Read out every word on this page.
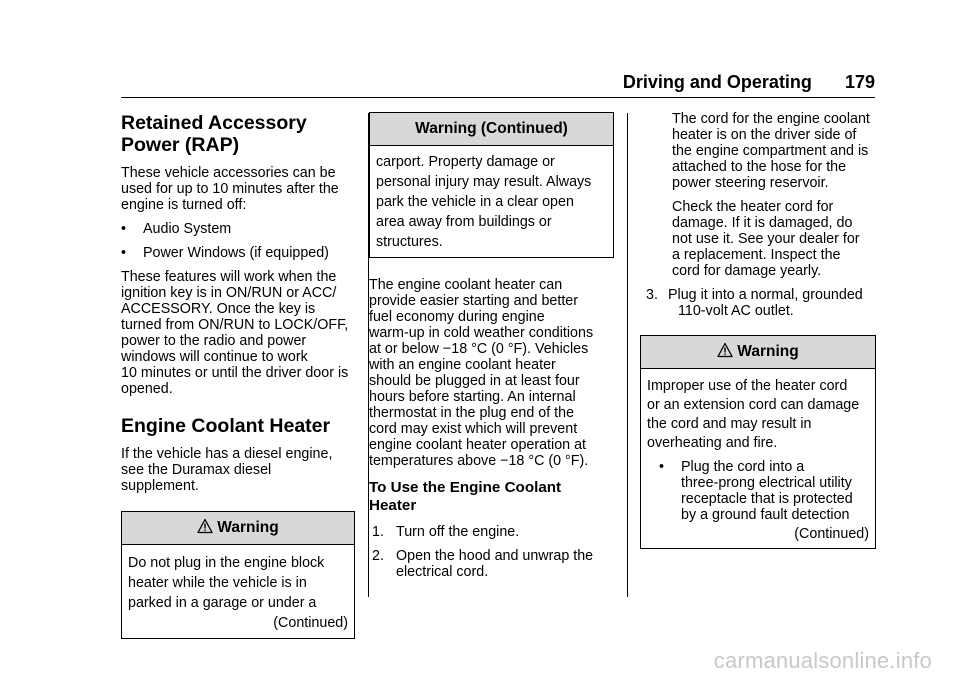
Driving and Operating 179
Retained Accessory
Power (RAP)

These vehicle accessories can be
used for up to 10 minutes after the
engine is turned off:

•	Audio System
•	Power Windows (if equipped)

These features will work when the
ignition key is in ON/RUN or ACC/
ACCESSORY. Once the key is
turned from ON/RUN to LOCK/OFF,
power to the radio and power
windows will continue to work
10 minutes or until the driver door is
opened.

Engine Coolant Heater

If the vehicle has a diesel engine,
see the Duramax diesel
supplement.

Warning
Do not plug in the engine block
heater while the vehicle is in
parked in a garage or under a
(Continued)
Warning (Continued)
carport. Property damage or
personal injury may result. Always
park the vehicle in a clear open
area away from buildings or
structures.

The engine coolant heater can
provide easier starting and better
fuel economy during engine
warm-up in cold weather conditions
at or below −18 °C (0 °F). Vehicles
with an engine coolant heater
should be plugged in at least four
hours before starting. An internal
thermostat in the plug end of the
cord may exist which will prevent
engine coolant heater operation at
temperatures above −18 °C (0 °F).

To Use the Engine Coolant
Heater
1. Turn off the engine.
2. Open the hood and unwrap the
electrical cord.

The cord for the engine coolant
heater is on the driver side of
the engine compartment and is
attached to the hose for the
power steering reservoir.

Check the heater cord for
damage. If it is damaged, do
not use it. See your dealer for
a replacement. Inspect the
cord for damage yearly.

3. Plug it into a normal, grounded
110-volt AC outlet.
Warning
Improper use of the heater cord
or an extension cord can damage
the cord and may result in
overheating and fire.
•	Plug the cord into a
three-prong electrical utility
receptacle that is protected
by a ground fault detection
(Continued)
carmanualsonline.info
